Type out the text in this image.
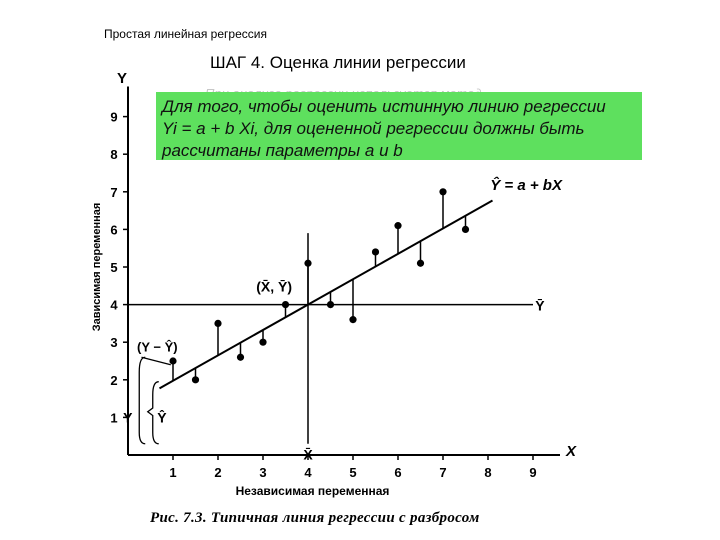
Простая линейная регрессия
ШАГ 4. Оценка линии регрессии
Y
X
1
2
3
4
5
6
7
8
9
1	2	3	4	5	6	7	8	9
Зависимая переменная
Независимая переменная
Ŷ = a + bX
(X̄, Ȳ)
Ȳ
X̄
(Y − Ŷ)
Y Ŷ
Для того, чтобы оценить истинную линию регрессии
Yi = a + b Xi, для оцененной регрессии должны быть
рассчитаны параметры a и b
Рис. 7.3. Типичная линия регрессии с разбросом
